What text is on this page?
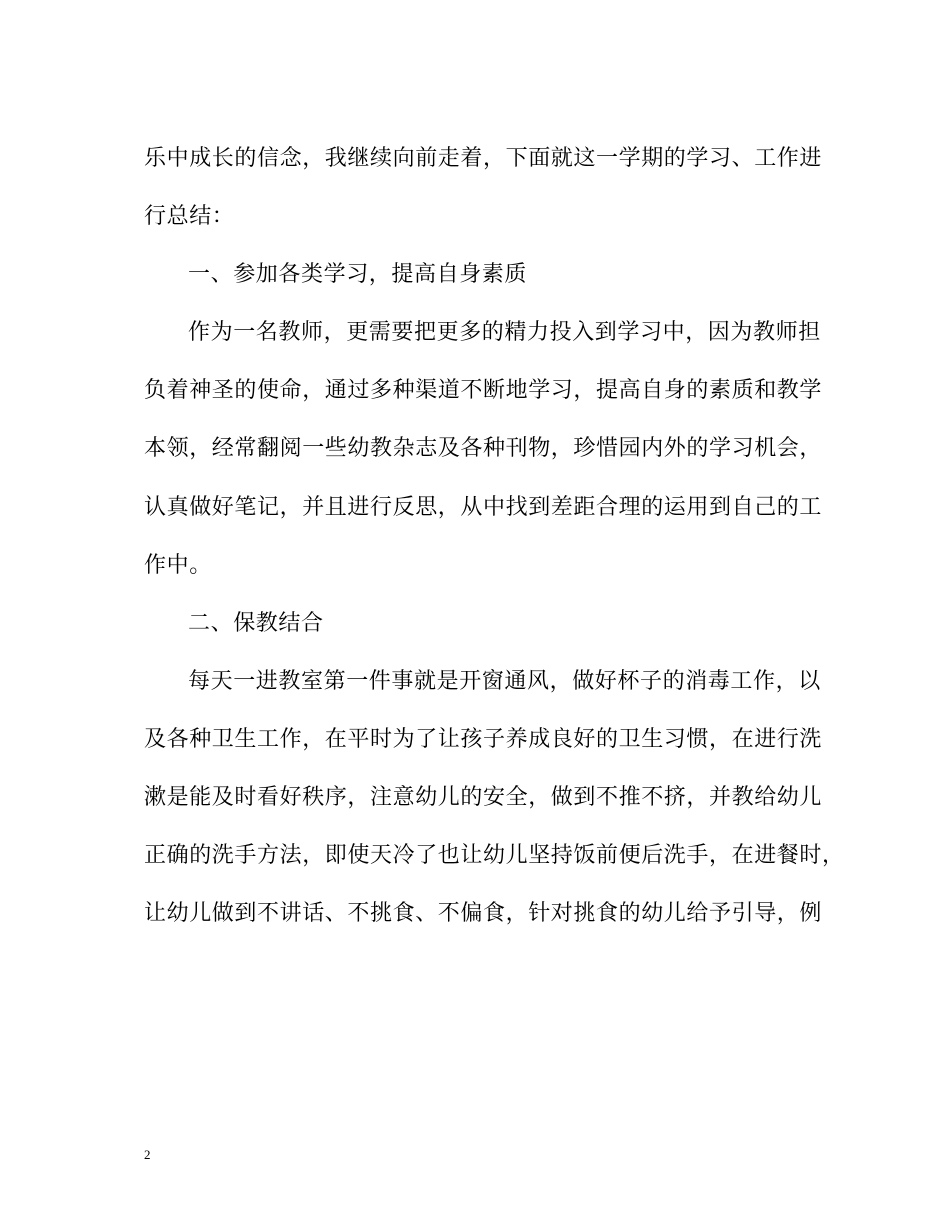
乐中成长的信念，我继续向前走着，下面就这一学期的学习、工作进
行总结：
一、参加各类学习，提高自身素质
作为一名教师，更需要把更多的精力投入到学习中，因为教师担
负着神圣的使命，通过多种渠道不断地学习，提高自身的素质和教学
本领，经常翻阅一些幼教杂志及各种刊物，珍惜园内外的学习机会，
认真做好笔记，并且进行反思，从中找到差距合理的运用到自己的工
作中。
二、保教结合
每天一进教室第一件事就是开窗通风，做好杯子的消毒工作，以
及各种卫生工作，在平时为了让孩子养成良好的卫生习惯，在进行洗
漱是能及时看好秩序，注意幼儿的安全，做到不推不挤，并教给幼儿
正确的洗手方法，即使天冷了也让幼儿坚持饭前便后洗手，在进餐时，
让幼儿做到不讲话、不挑食、不偏食，针对挑食的幼儿给予引导，例
2
